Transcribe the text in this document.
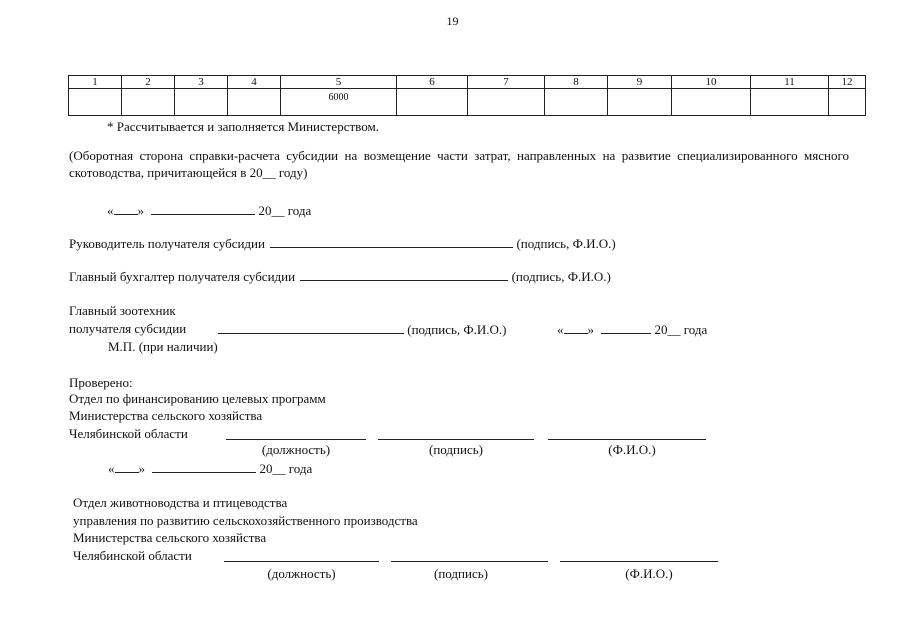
19
1	2	3	4	5	6	7	8	9	10	11	12

				6000							

* Рассчитывается и заполняется Министерством.
(Оборотная сторона справки-расчета субсидии на возмещение части затрат, направленных на развитие специализированного мясного скотоводства, причитающейся в 20__ году)
« »	20__ года
Руководитель получателя субсидии	(подпись, Ф.И.О.)
Главный бухгалтер получателя субсидии	(подпись, Ф.И.О.)
Главный зоотехник
получателя субсидии	(подпись, Ф.И.О.)	« »	20__ года
М.П. (при наличии)
Проверено:
Отдел по финансированию целевых программ
Министерства сельского хозяйства
Челябинской области
(должность)	(подпись)	(Ф.И.О.)
« »	20__ года
Отдел животноводства и птицеводства
управления по развитию сельскохозяйственного производства
Министерства сельского хозяйства
Челябинской области
(должность)	(подпись)	(Ф.И.О.)
